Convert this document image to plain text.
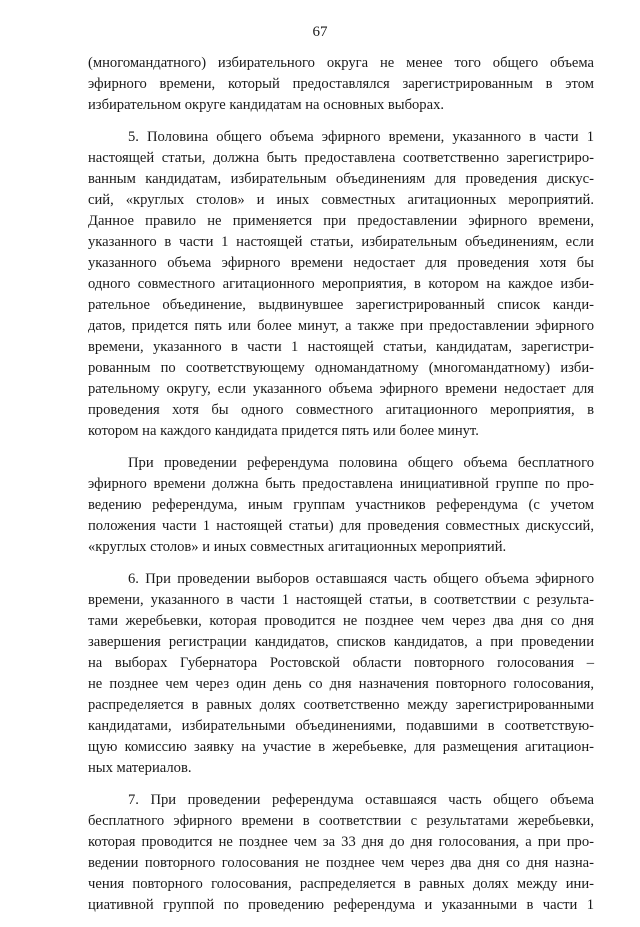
67
(многомандатного) избирательного округа не менее того общего объема
эфирного времени, который предоставлялся зарегистрированным в этом
избирательном округе кандидатам на основных выборах.
5. Половина общего объема эфирного времени, указанного в части 1
настоящей статьи, должна быть предоставлена соответственно зарегистриро-
ванным кандидатам, избирательным объединениям для проведения дискус-
сий, «круглых столов» и иных совместных агитационных мероприятий.
Данное правило не применяется при предоставлении эфирного времени,
указанного в части 1 настоящей статьи, избирательным объединениям, если
указанного объема эфирного времени недостает для проведения хотя бы
одного совместного агитационного мероприятия, в котором на каждое изби-
рательное объединение, выдвинувшее зарегистрированный список канди-
датов, придется пять или более минут, а также при предоставлении эфирного
времени, указанного в части 1 настоящей статьи, кандидатам, зарегистри-
рованным по соответствующему одномандатному (многомандатному) изби-
рательному округу, если указанного объема эфирного времени недостает для
проведения хотя бы одного совместного агитационного мероприятия, в
котором на каждого кандидата придется пять или более минут.
При проведении референдума половина общего объема бесплатного
эфирного времени должна быть предоставлена инициативной группе по про-
ведению референдума, иным группам участников референдума (с учетом
положения части 1 настоящей статьи) для проведения совместных дискуссий,
«круглых столов» и иных совместных агитационных мероприятий.
6. При проведении выборов оставшаяся часть общего объема эфирного
времени, указанного в части 1 настоящей статьи, в соответствии с результа-
тами жеребьевки, которая проводится не позднее чем через два дня со дня
завершения регистрации кандидатов, списков кандидатов, а при проведении
на выборах Губернатора Ростовской области повторного голосования –
не позднее чем через один день со дня назначения повторного голосования,
распределяется в равных долях соответственно между зарегистрированными
кандидатами, избирательными объединениями, подавшими в соответствую-
щую комиссию заявку на участие в жеребьевке, для размещения агитацион-
ных материалов.
7. При проведении референдума оставшаяся часть общего объема
бесплатного эфирного времени в соответствии с результатами жеребьевки,
которая проводится не позднее чем за 33 дня до дня голосования, а при про-
ведении повторного голосования не позднее чем через два дня со дня назна-
чения повторного голосования, распределяется в равных долях между ини-
циативной группой по проведению референдума и указанными в части 1
